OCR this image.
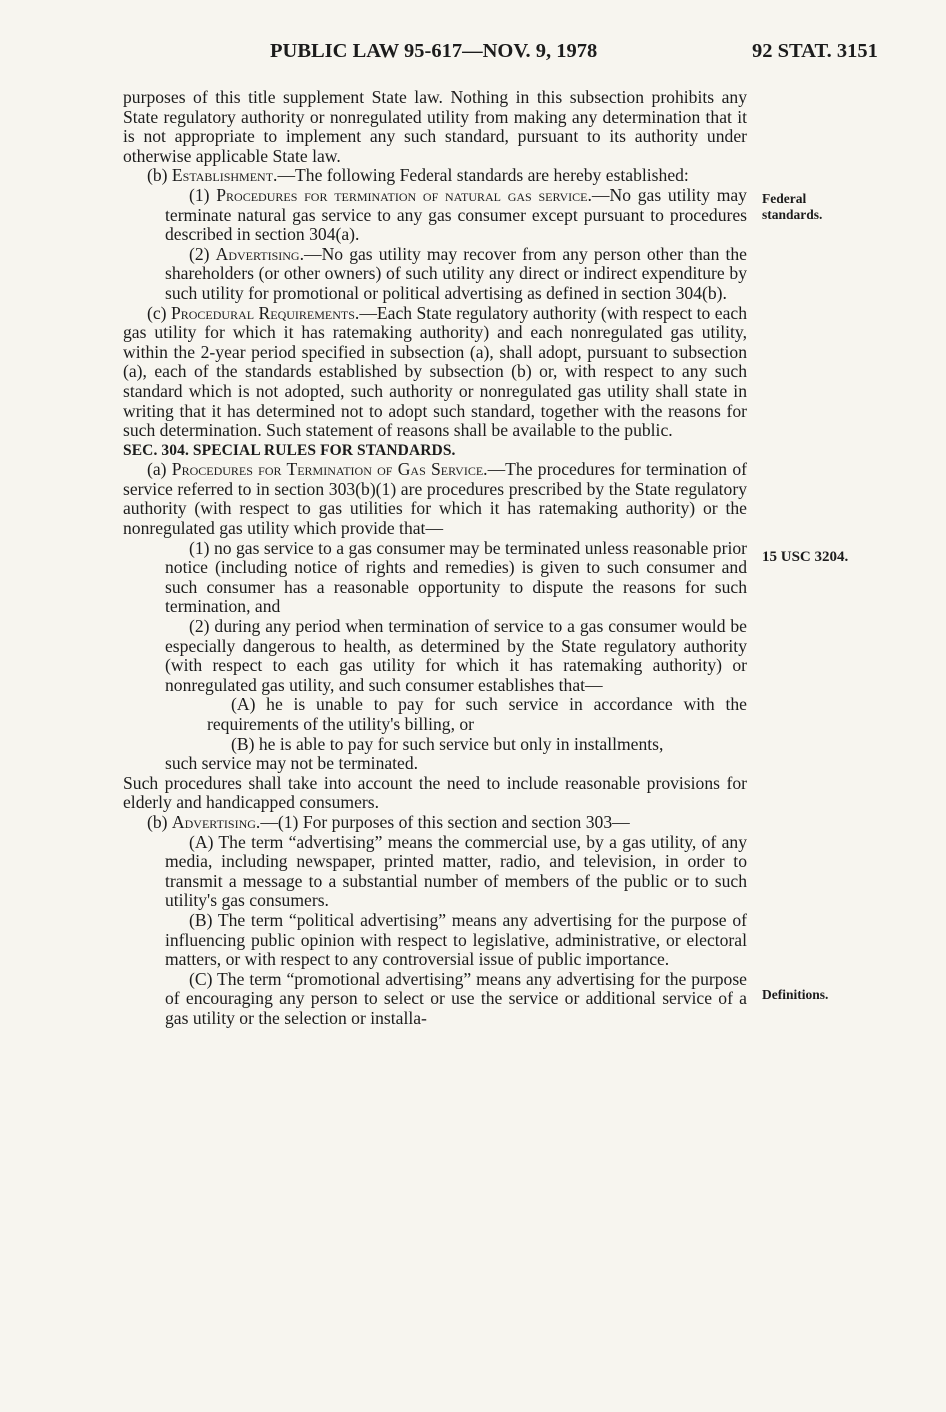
PUBLIC LAW 95-617—NOV. 9, 1978	92 STAT. 3151
Federal
standards.
15 USC 3204.
Definitions.

purposes of this title supplement State law. Nothing in this subsection prohibits any State regulatory authority or nonregulated utility from making any determination that it is not appropriate to implement any such standard, pursuant to its authority under otherwise applicable State law.

(b) Establishment.—The following Federal standards are hereby established:

(1) Procedures for termination of natural gas service.—No gas utility may terminate natural gas service to any gas consumer except pursuant to procedures described in section 304(a).

(2) Advertising.—No gas utility may recover from any person other than the shareholders (or other owners) of such utility any direct or indirect expenditure by such utility for promotional or political advertising as defined in section 304(b).

(c) Procedural Requirements.—Each State regulatory authority (with respect to each gas utility for which it has ratemaking authority) and each nonregulated gas utility, within the 2-year period specified in subsection (a), shall adopt, pursuant to subsection (a), each of the standards established by subsection (b) or, with respect to any such standard which is not adopted, such authority or nonregulated gas utility shall state in writing that it has determined not to adopt such standard, together with the reasons for such determination. Such statement of reasons shall be available to the public.

SEC. 304. SPECIAL RULES FOR STANDARDS.

(a) Procedures for Termination of Gas Service.—The procedures for termination of service referred to in section 303(b)(1) are procedures prescribed by the State regulatory authority (with respect to gas utilities for which it has ratemaking authority) or the nonregulated gas utility which provide that—

(1) no gas service to a gas consumer may be terminated unless reasonable prior notice (including notice of rights and remedies) is given to such consumer and such consumer has a reasonable opportunity to dispute the reasons for such termination, and

(2) during any period when termination of service to a gas consumer would be especially dangerous to health, as determined by the State regulatory authority (with respect to each gas utility for which it has ratemaking authority) or nonregulated gas utility, and such consumer establishes that—

(A) he is unable to pay for such service in accordance with the requirements of the utility's billing, or

(B) he is able to pay for such service but only in installments,

such service may not be terminated.

Such procedures shall take into account the need to include reasonable provisions for elderly and handicapped consumers.

(b) Advertising.—(1) For purposes of this section and section 303—

(A) The term “advertising” means the commercial use, by a gas utility, of any media, including newspaper, printed matter, radio, and television, in order to transmit a message to a substantial number of members of the public or to such utility's gas consumers.

(B) The term “political advertising” means any advertising for the purpose of influencing public opinion with respect to legislative, administrative, or electoral matters, or with respect to any controversial issue of public importance.

(C) The term “promotional advertising” means any advertising for the purpose of encouraging any person to select or use the service or additional service of a gas utility or the selection or installa-
